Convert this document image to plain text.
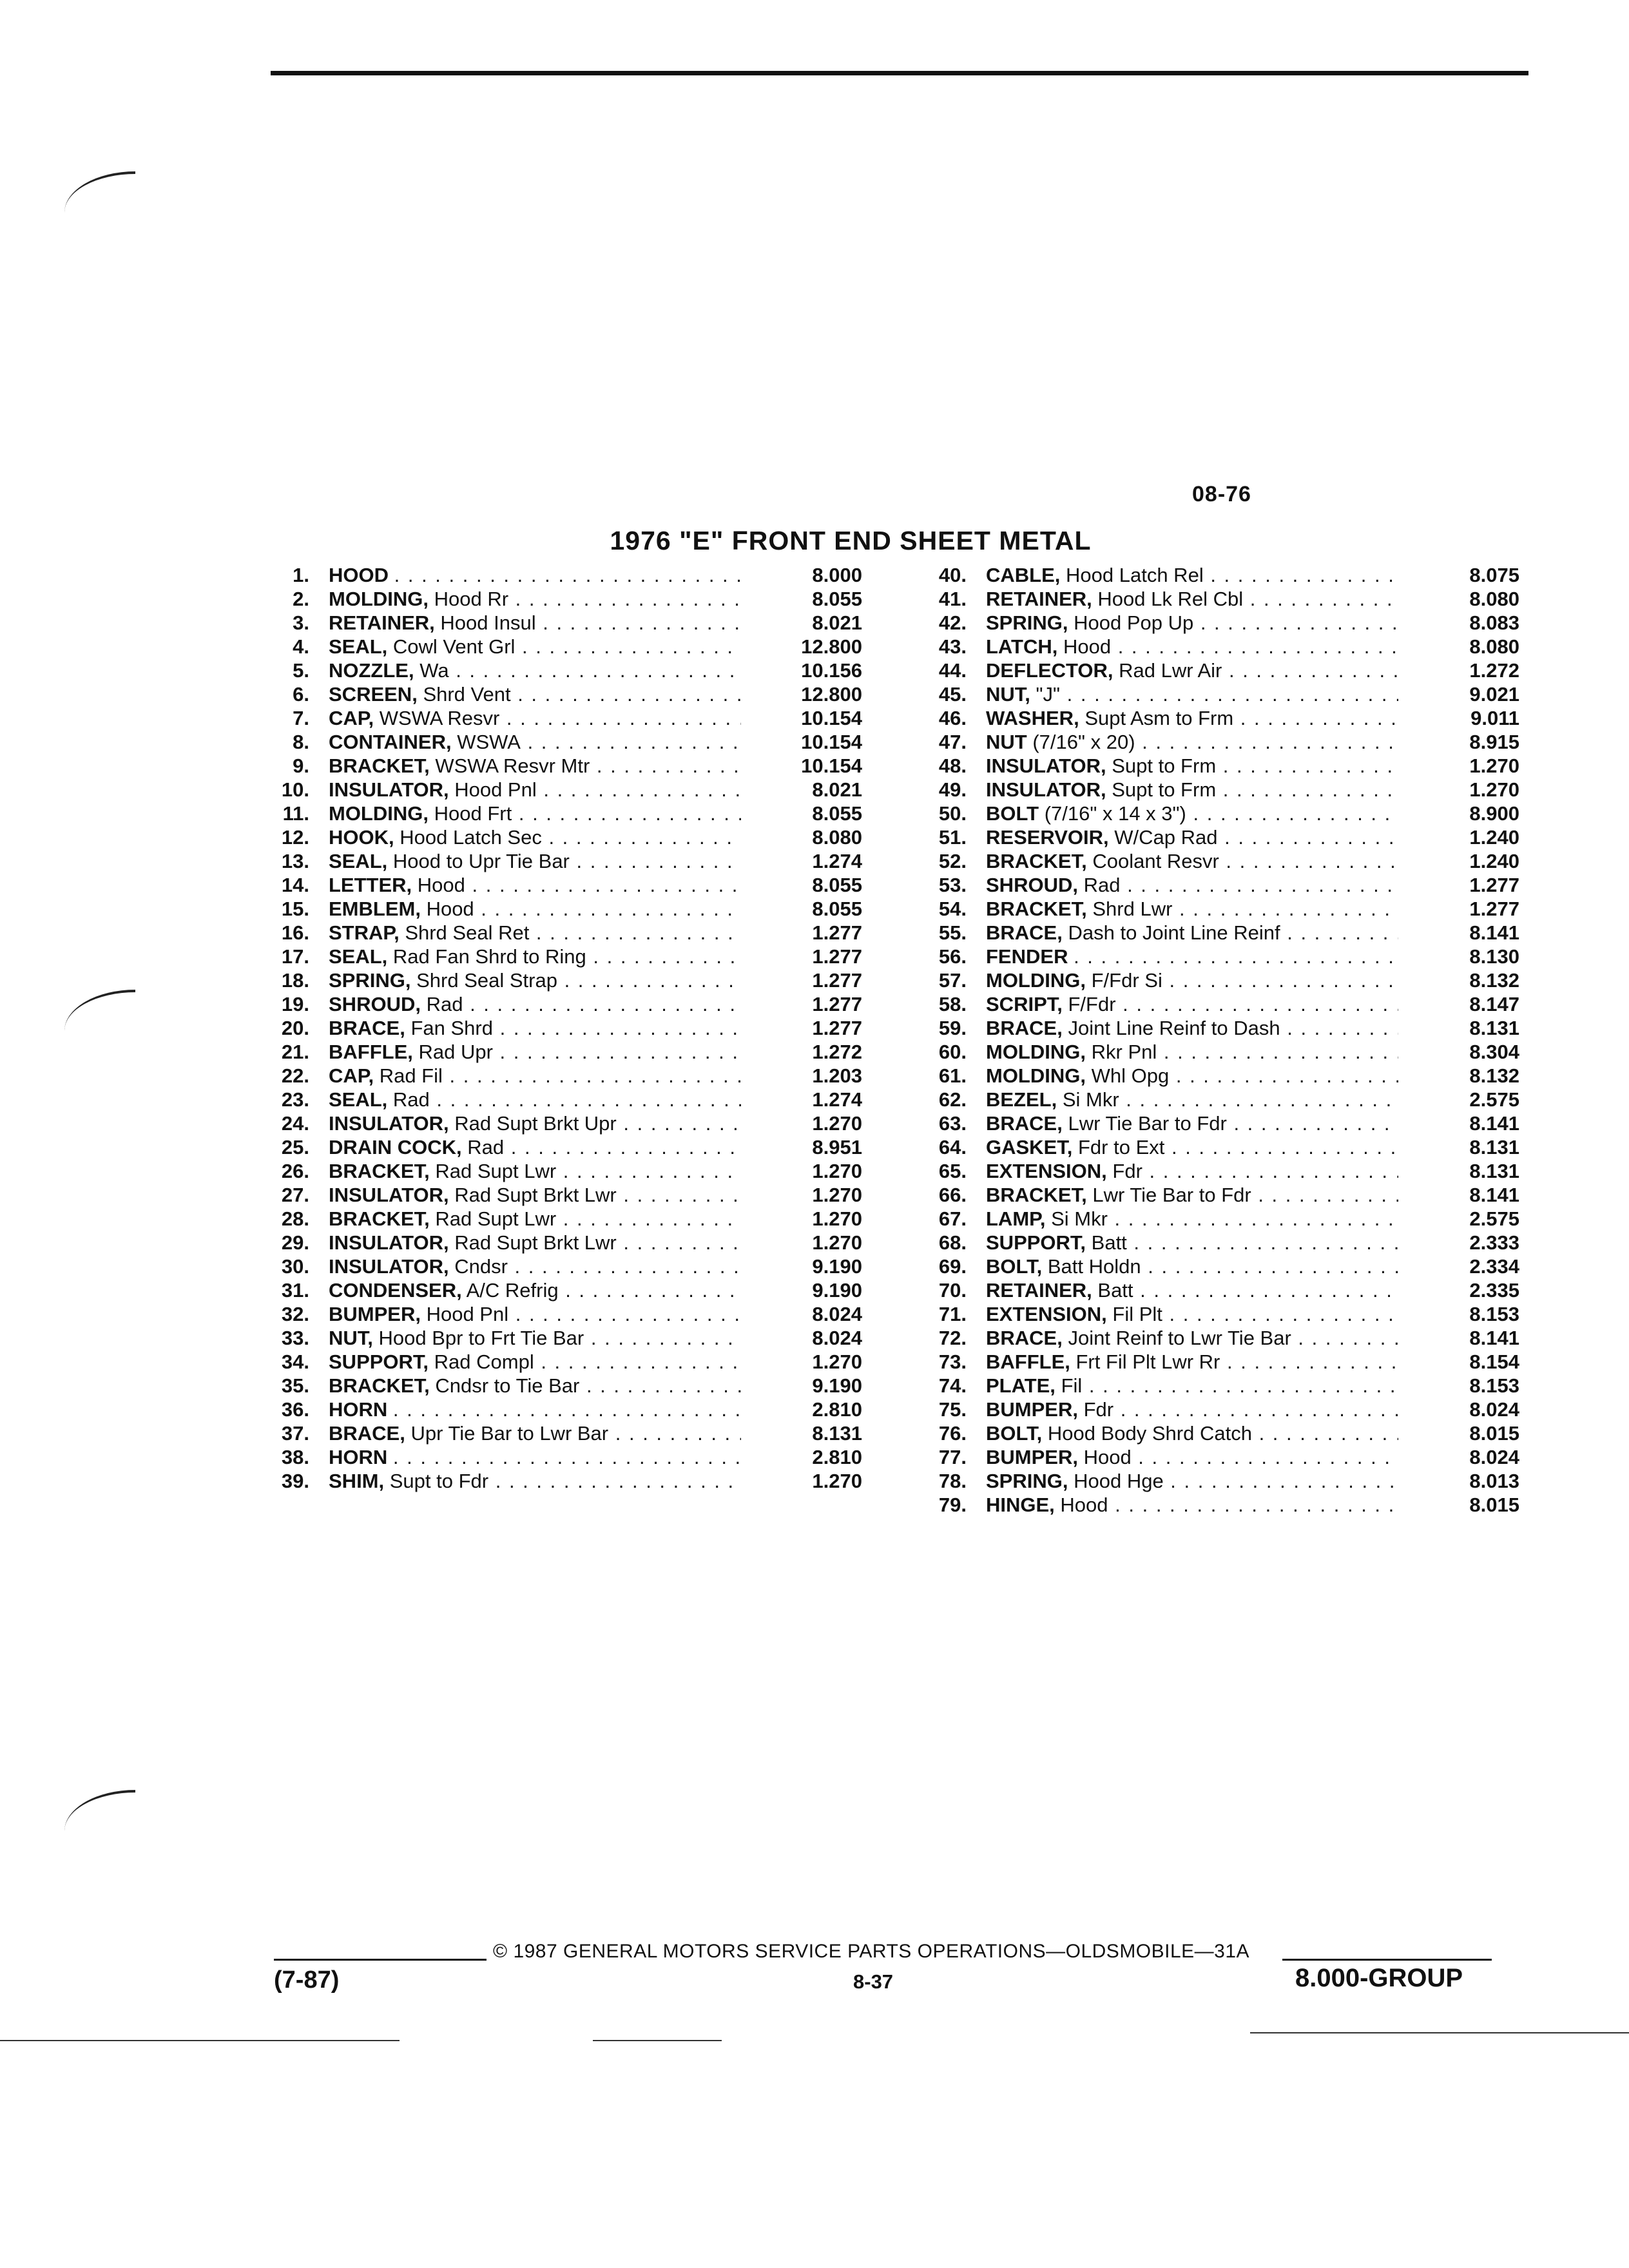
08-76
1976 "E" FRONT END SHEET METAL
1. HOOD . . .	8.000
2. MOLDING, Hood Rr . . .	8.055
3. RETAINER, Hood Insul . . .	8.021
4. SEAL, Cowl Vent Grl . . .	12.800
5. NOZZLE, Wa . . .	10.156
6. SCREEN, Shrd Vent . . .	12.800
7. CAP, WSWA Resvr . . .	10.154
8. CONTAINER, WSWA . . .	10.154
9. BRACKET, WSWA Resvr Mtr . . .	10.154
10. INSULATOR, Hood Pnl . . .	8.021
11. MOLDING, Hood Frt . . .	8.055
12. HOOK, Hood Latch Sec . . .	8.080
13. SEAL, Hood to Upr Tie Bar . . .	1.274
14. LETTER, Hood . . .	8.055
15. EMBLEM, Hood . . .	8.055
16. STRAP, Shrd Seal Ret . . .	1.277
17. SEAL, Rad Fan Shrd to Ring . . .	1.277
18. SPRING, Shrd Seal Strap . . .	1.277
19. SHROUD, Rad . . .	1.277
20. BRACE, Fan Shrd . . .	1.277
21. BAFFLE, Rad Upr . . .	1.272
22. CAP, Rad Fil . . .	1.203
23. SEAL, Rad . . .	1.274
24. INSULATOR, Rad Supt Brkt Upr . . .	1.270
25. DRAIN COCK, Rad . . .	8.951
26. BRACKET, Rad Supt Lwr . . .	1.270
27. INSULATOR, Rad Supt Brkt Lwr . . .	1.270
28. BRACKET, Rad Supt Lwr . . .	1.270
29. INSULATOR, Rad Supt Brkt Lwr . . .	1.270
30. INSULATOR, Cndsr . . .	9.190
31. CONDENSER, A/C Refrig . . .	9.190
32. BUMPER, Hood Pnl . . .	8.024
33. NUT, Hood Bpr to Frt Tie Bar . . .	8.024
34. SUPPORT, Rad Compl . . .	1.270
35. BRACKET, Cndsr to Tie Bar . . .	9.190
36. HORN . . .	2.810
37. BRACE, Upr Tie Bar to Lwr Bar . . .	8.131
38. HORN . . .	2.810
39. SHIM, Supt to Fdr . . .	1.270
40. CABLE, Hood Latch Rel . . .	8.075
41. RETAINER, Hood Lk Rel Cbl . . .	8.080
42. SPRING, Hood Pop Up . . .	8.083
43. LATCH, Hood . . .	8.080
44. DEFLECTOR, Rad Lwr Air . . .	1.272
45. NUT, "J" . . .	9.021
46. WASHER, Supt Asm to Frm . . .	9.011
47. NUT (7/16" x 20) . . .	8.915
48. INSULATOR, Supt to Frm . . .	1.270
49. INSULATOR, Supt to Frm . . .	1.270
50. BOLT (7/16" x 14 x 3") . . .	8.900
51. RESERVOIR, W/Cap Rad . . .	1.240
52. BRACKET, Coolant Resvr . . .	1.240
53. SHROUD, Rad . . .	1.277
54. BRACKET, Shrd Lwr . . .	1.277
55. BRACE, Dash to Joint Line Reinf . . .	8.141
56. FENDER . . .	8.130
57. MOLDING, F/Fdr Si . . .	8.132
58. SCRIPT, F/Fdr . . .	8.147
59. BRACE, Joint Line Reinf to Dash . . .	8.131
60. MOLDING, Rkr Pnl . . .	8.304
61. MOLDING, Whl Opg . . .	8.132
62. BEZEL, Si Mkr . . .	2.575
63. BRACE, Lwr Tie Bar to Fdr . . .	8.141
64. GASKET, Fdr to Ext . . .	8.131
65. EXTENSION, Fdr . . .	8.131
66. BRACKET, Lwr Tie Bar to Fdr . . .	8.141
67. LAMP, Si Mkr . . .	2.575
68. SUPPORT, Batt . . .	2.333
69. BOLT, Batt Holdn . . .	2.334
70. RETAINER, Batt . . .	2.335
71. EXTENSION, Fil Plt . . .	8.153
72. BRACE, Joint Reinf to Lwr Tie Bar . . .	8.141
73. BAFFLE, Frt Fil Plt Lwr Rr . . .	8.154
74. PLATE, Fil . . .	8.153
75. BUMPER, Fdr . . .	8.024
76. BOLT, Hood Body Shrd Catch . . .	8.015
77. BUMPER, Hood . . .	8.024
78. SPRING, Hood Hge . . .	8.013
79. HINGE, Hood . . .	8.015
© 1987 GENERAL MOTORS SERVICE PARTS OPERATIONS—OLDSMOBILE—31A
(7-87)	8-37	8.000-GROUP
